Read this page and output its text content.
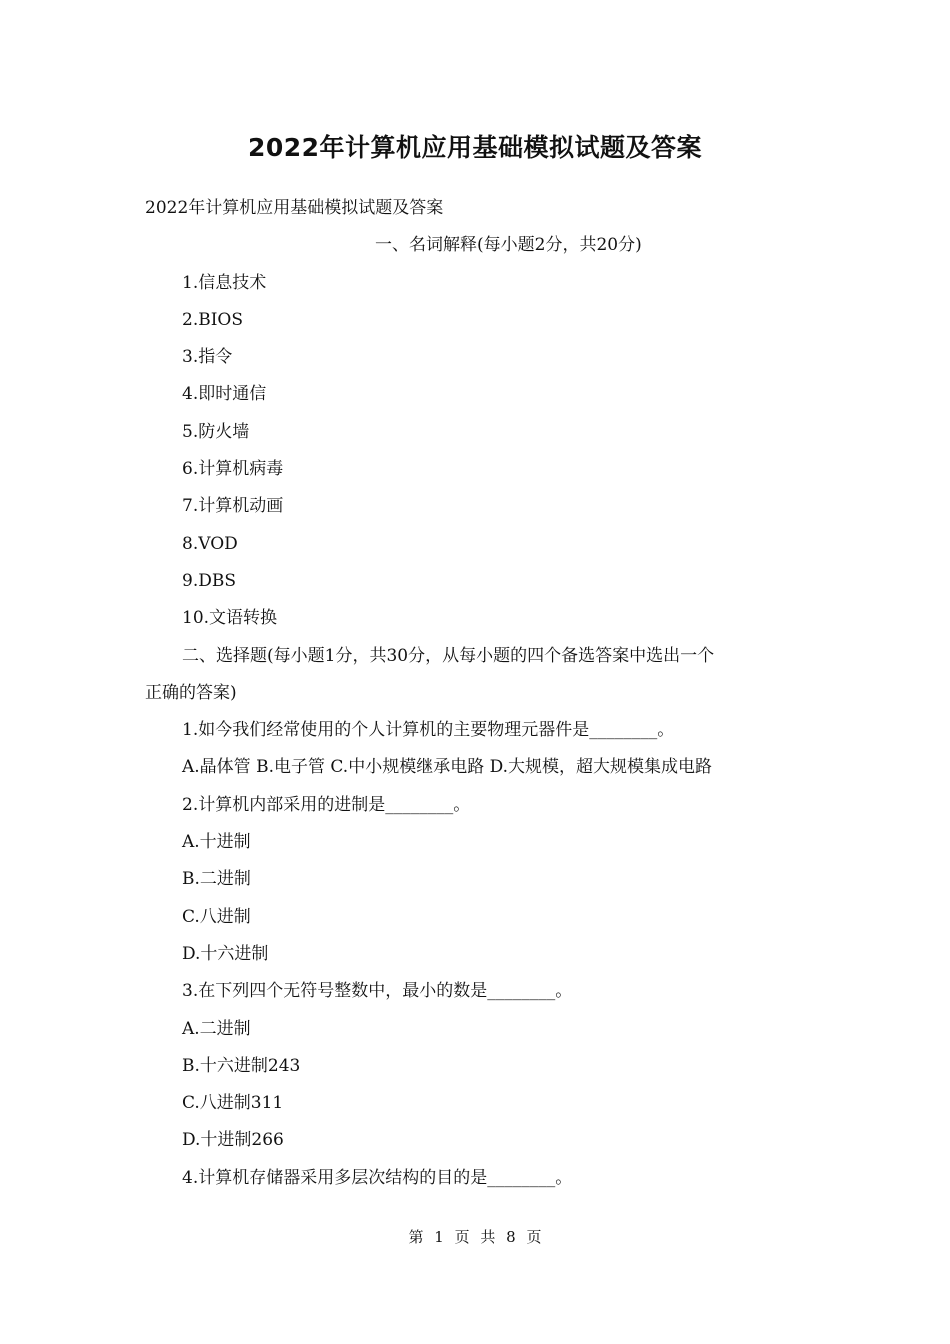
2022年计算机应用基础模拟试题及答案
2022年计算机应用基础模拟试题及答案
一、名词解释(每小题2分，共20分)
1.信息技术
2.BIOS
3.指令
4.即时通信
5.防火墙
6.计算机病毒
7.计算机动画
8.VOD
9.DBS
10.文语转换
二、选择题(每小题1分，共30分，从每小题的四个备选答案中选出一个
正确的答案)
1.如今我们经常使用的个人计算机的主要物理元器件是________。
A.晶体管 B.电子管 C.中小规模继承电路 D.大规模，超大规模集成电路
2.计算机内部采用的进制是________。
A.十进制
B.二进制
C.八进制
D.十六进制
3.在下列四个无符号整数中，最小的数是________。
A.二进制
B.十六进制243
C.八进制311
D.十进制266
4.计算机存储器采用多层次结构的目的是________。
第 1 页 共 8 页
